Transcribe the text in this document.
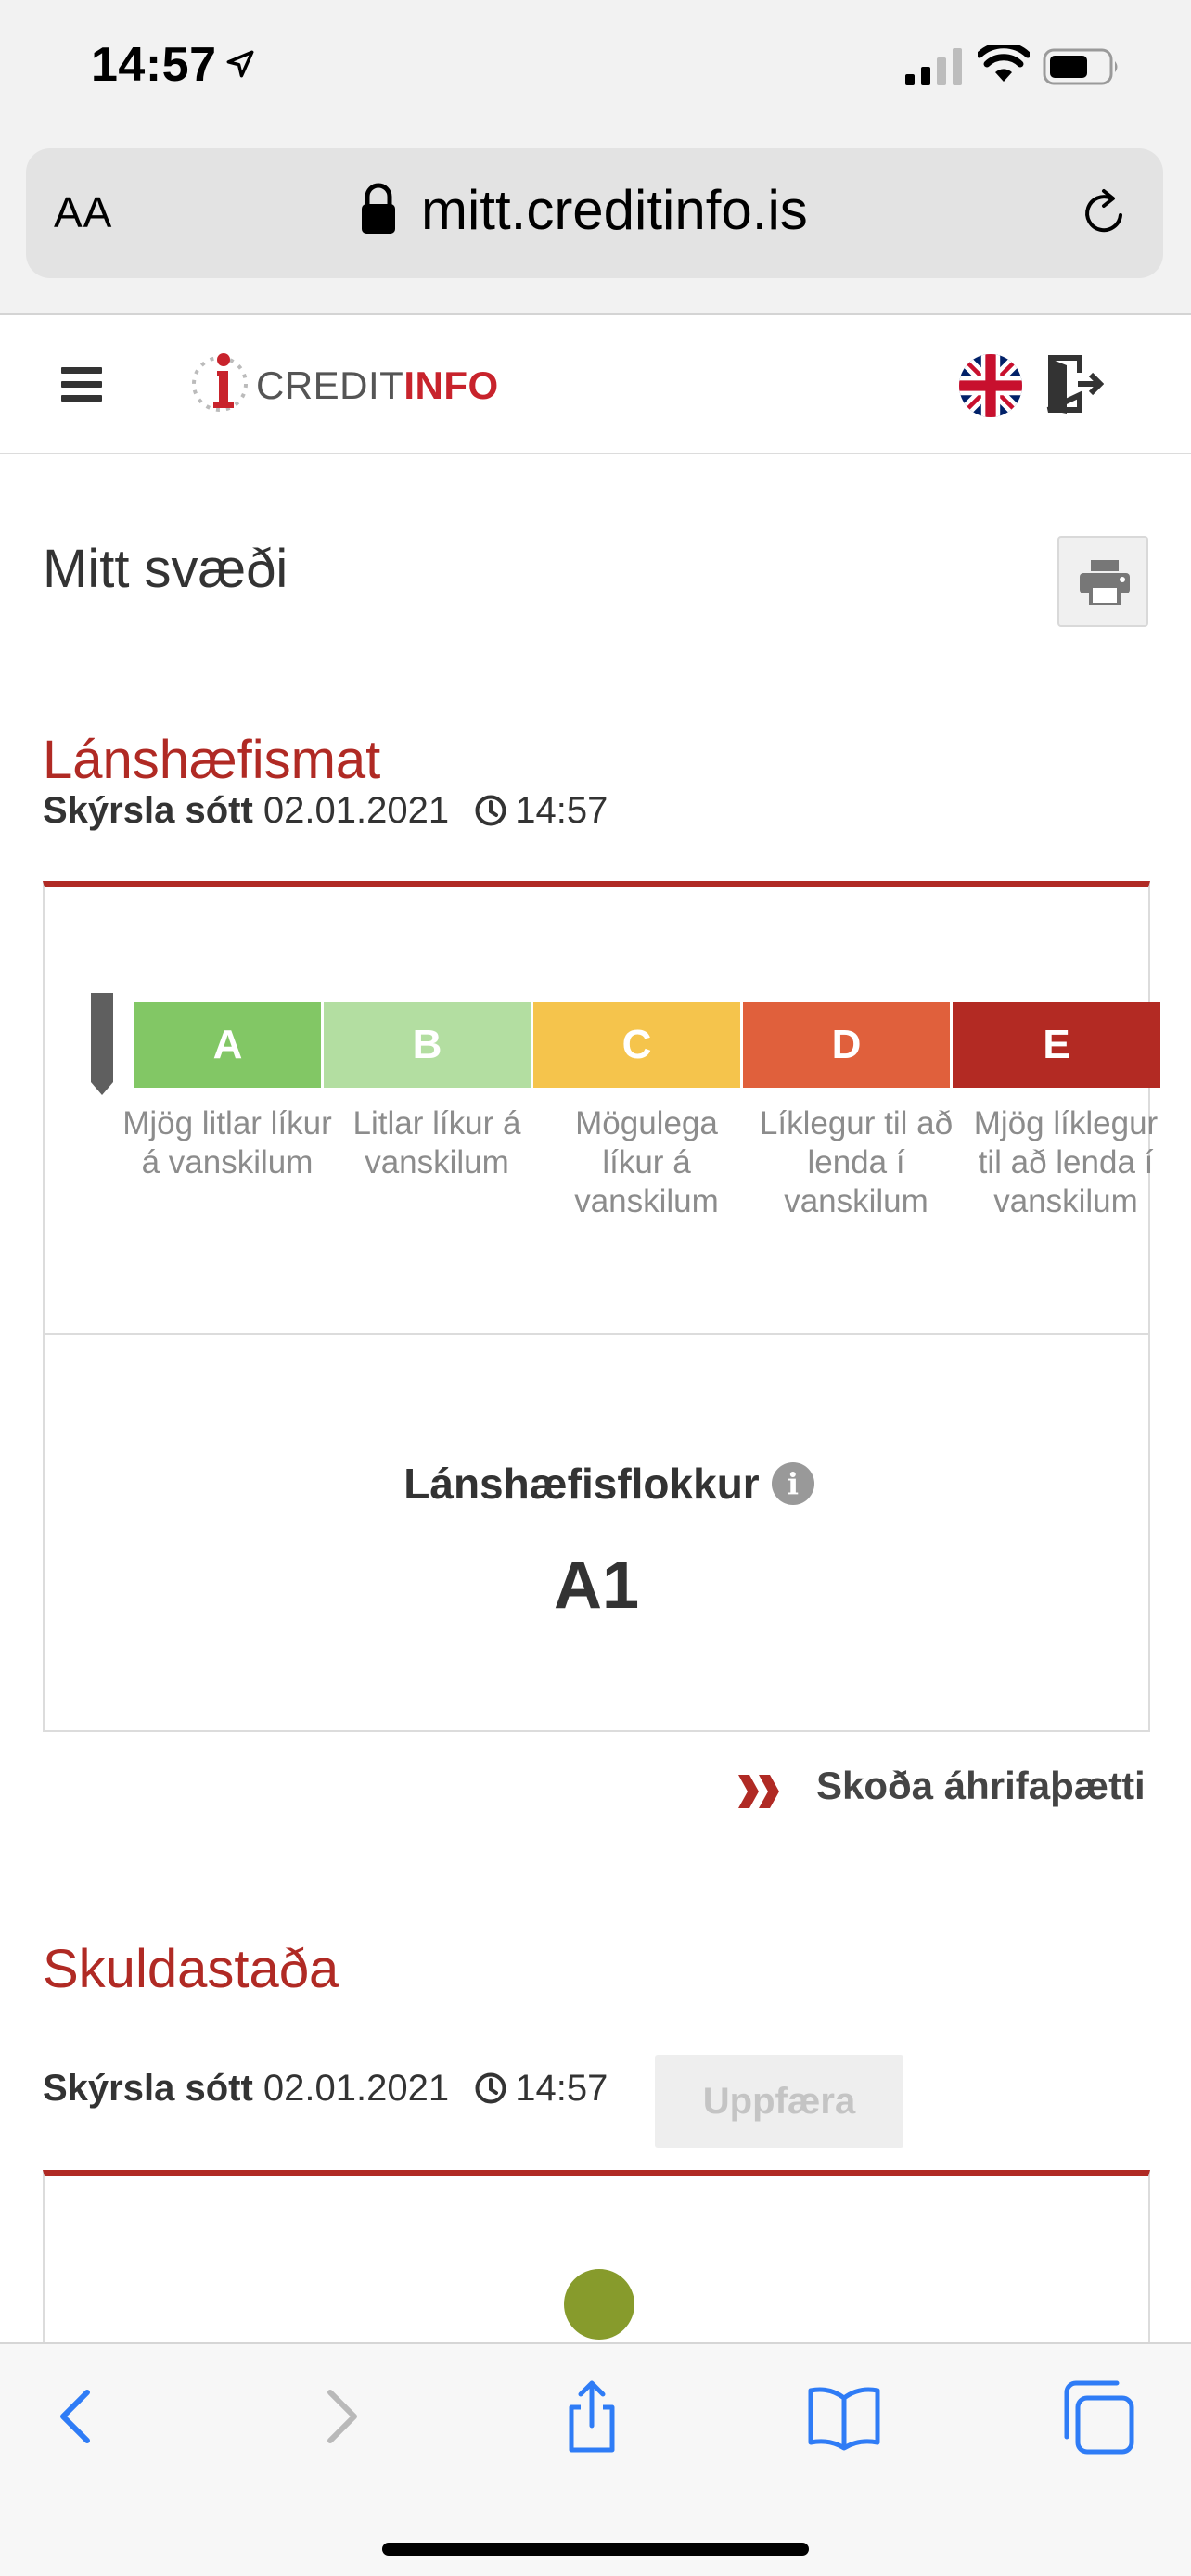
14:57
AA	mitt.creditinfo.is
CREDITINFO
Mitt svæði
Lánshæfismat
Skýrsla sótt 02.01.2021 14:57
A	B	C	D	E
Mjög litlar líkur á vanskilum
Litlar líkur á vanskilum
Mögulega líkur á vanskilum
Líklegur til að lenda í vanskilum
Mjög líklegur til að lenda í vanskilum
Lánshæfisflokkur i
A1
Skoða áhrifaþætti
Skuldastaða
Skýrsla sótt 02.01.2021 14:57	Uppfæra
